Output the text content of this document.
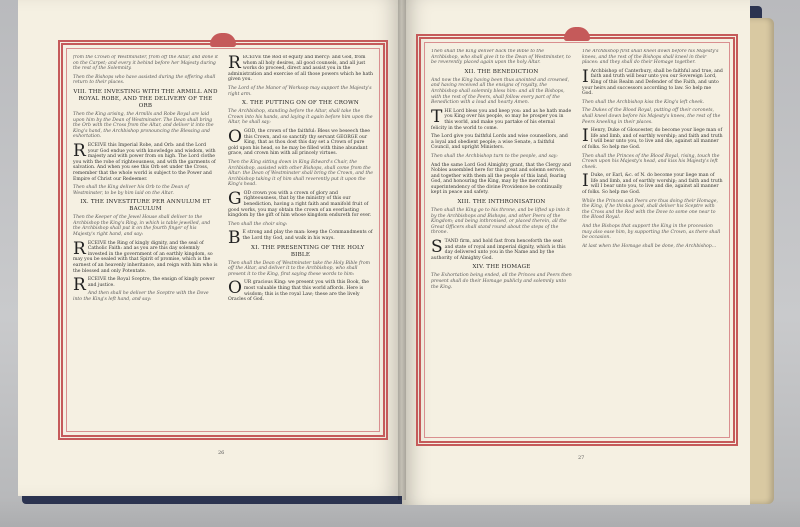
from the Crown of Westminster, from off the Altar, and done it on the Carpet; and every it behind before her Majesty during the rest of the Solemnity.

Then the Bishops who have assisted during the offering shall return to their places.

VIII. THE INVESTING WITH THE ARMILL AND ROYAL ROBE, AND THE DELIVERY OF THE ORB

Then the King arising, the Armills and Robe Royal are laid upon him by the Dean of Westminster. The Dean shall bring the Orb with the Cross from the Altar, and deliver it into the King's hand, the Archbishop pronouncing the Blessing and exhortation.

RECEIVE this Imperial Robe, and Orb: and the Lord your God endue you with knowledge and wisdom, with majesty and with power from on high. The Lord clothe you with the robe of righteousness, and with the garments of salvation. And when you see this Orb set under the Cross, remember that the whole world is subject to the Power and Empire of Christ our Redeemer.

Then shall the King deliver his Orb to the Dean of Westminster, to be by him laid on the Altar.

IX. THE INVESTITURE PER ANNULUM ET BACULUM

Then the Keeper of the Jewel House shall deliver to the Archbishop the King's Ring, in which is table jewelled, and the Archbishop shall put it on the fourth finger of his Majesty's right hand, and say:

RECEIVE the Ring of kingly dignity, and the seal of Catholic Faith: and as you are this day solemnly invested in the government of an earthly kingdom, so may you be sealed with that Spirit of promise, which is the earnest of an heavenly inheritance, and reign with him who is the blessed and only Potentate.

RECEIVE the Royal Sceptre, the ensign of kingly power and justice.

And then shall he deliver the Sceptre with the Dove into the King's left hand, and say:

RECEIVE the Rod of equity and mercy: and God, from whom all holy desires, all good counsels, and all just works do proceed, direct and assist you in the administration and exercise of all those powers which he hath given you.

The Lord of the Manor of Worksop may support the Majesty's right arm.

X. THE PUTTING ON OF THE CROWN

The Archbishop, standing before the Altar, shall take the Crown into his hands, and laying it again before him upon the Altar, he shall say:

OGOD, the crown of the faithful: Bless we beseech thee this Crown, and so sanctify thy servant GEORGE our King, that as thou dost this day set a Crown of pure gold upon his head, so he may be filled with thine abundant grace, and crown him with all princely virtues.

Then the King sitting down in King Edward's Chair, the Archbishop, assisted with other Bishops, shall come from the Altar: the Dean of Westminster shall bring the Crown, and the Archbishop taking it of him shall reverently put it upon the King's head.

GOD crown you with a crown of glory and righteousness, that by the ministry of this our benediction, having a right faith and manifold fruit of good works, you may obtain the crown of an everlasting kingdom by the gift of him whose kingdom endureth for ever.

Then shall the choir sing:

B E strong and play the man: keep the Commandments of the Lord thy God, and walk in his ways.

XI. THE PRESENTING OF THE HOLY BIBLE

Then shall the Dean of Westminster take the Holy Bible from off the Altar, and deliver it to the Archbishop, who shall present it to the King, first saying these words to him:

OUR gracious King: we present you with this Book, the most valuable thing that this world affords. Here is wisdom; this is the royal Law; these are the lively Oracles of God.

26

Then shall the King deliver back the Bible to the Archbishop, who shall give it to the Dean of Westminster, to be reverently placed again upon the holy Altar.

XII. THE BENEDICTION

And now the King having been thus anointed and crowned, and having received all the ensigns of royalty, the Archbishop shall solemnly bless him: and all the Bishops, with the rest of the Peers, shall follow every part of the Benediction with a loud and hearty Amen.

THE Lord bless you and keep you: and as he hath made you King over his people, so may he prosper you in this world, and make you partake of his eternal felicity in the world to come.

The Lord give you faithful Lords and wise counsellors, and a loyal and obedient people; a wise Senate, a faithful Council, and upright Ministers.

Then shall the Archbishop turn to the people, and say:

And the same Lord God Almighty grant, that the Clergy and Nobles assembled here for this great and solemn service, and together with them all the people of this land, fearing God, and honouring the King, may by the merciful superintendency of the divine Providence be continually kept in peace and safety.

XIII. THE INTHRONISATION

Then shall the King go to his throne, and be lifted up into it by the Archbishops and Bishops, and other Peers of the Kingdom; and being inthronised, or placed therein, all the Great Officers shall stand round about the steps of the throne.

STAND firm, and hold fast from henceforth the seat and state of royal and imperial dignity, which is this day delivered unto you in the Name and by the authority of Almighty God.

XIV. THE HOMAGE

The Exhortation being ended, all the Princes and Peers then present shall do their Homage publicly and solemnly unto the King.

The Archbishop first shall kneel down before his Majesty's knees, and the rest of the Bishops shall kneel in their places: and they shall do their Homage together.

I Archbishop of Canterbury, shall be faithful and true, and faith and truth will bear unto you our Sovereign Lord, King of this Realm and Defender of the Faith, and unto your heirs and successors according to law. So help me God.

Then shall the Archbishop kiss the King's left cheek.

The Dukes of the Blood Royal, putting off their coronets, shall kneel down before his Majesty's knees, the rest of the Peers kneeling in their places.

I Henry, Duke of Gloucester, do become your liege man of life and limb, and of earthly worship; and faith and truth I will bear unto you, to live and die, against all manner of folks. So help me God.

Then shall the Princes of the Blood Royal, rising, touch the Crown upon his Majesty's head, and kiss his Majesty's left cheek.

I Duke, or Earl, &c. of N. do become your liege man of life and limb, and of earthly worship; and faith and truth will I bear unto you, to live and die, against all manner of folks. So help me God.

While the Princes and Peers are thus doing their Homage, the King, if he thinks good, shall deliver his Sceptre with the Cross and the Rod with the Dove to some one near to the Blood Royal.

And the Bishops that support the King in the procession may also ease him, by supporting the Crown, as there shall be occasion.

At last when the Homage shall be done, the Archbishop...

27
